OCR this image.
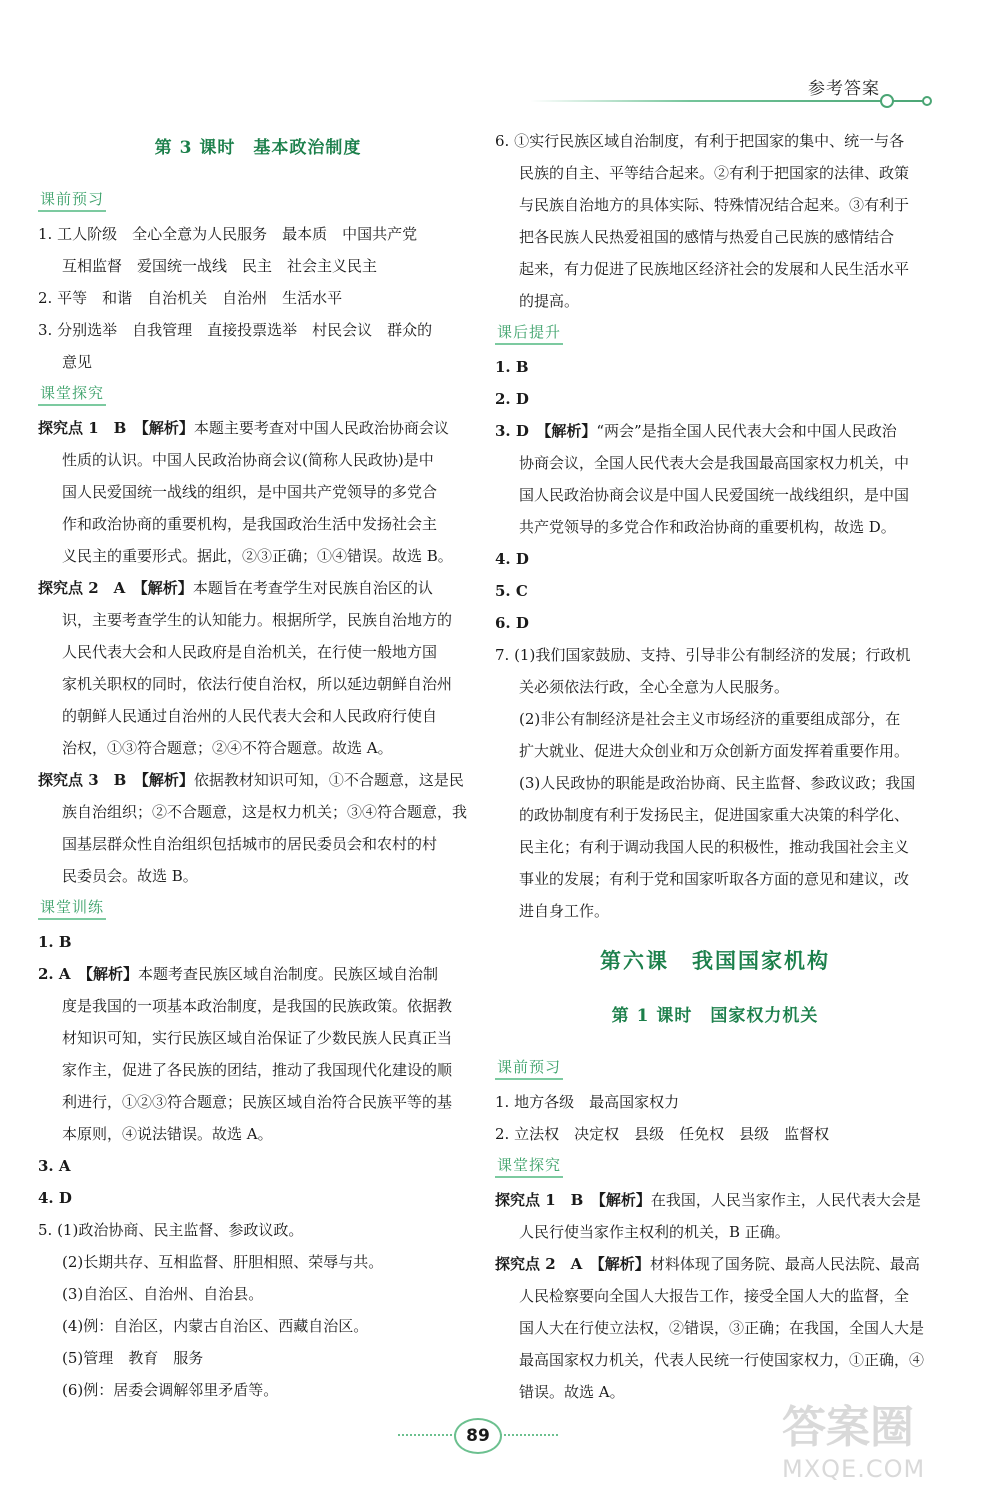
参考答案
第 3 课时　基本政治制度
课前预习

1. 工人阶级　全心全意为人民服务　最本质　中国共产党

互相监督　爱国统一战线　民主　社会主义民主

2. 平等　和谐　自治机关　自治州　生活水平

3. 分别选举　自我管理　直接投票选举　村民会议　群众的

意见

课堂探究

探究点 1　B　【解析】本题主要考查对中国人民政治协商会议

性质的认识。中国人民政治协商会议(简称人民政协)是中

国人民爱国统一战线的组织，是中国共产党领导的多党合

作和政治协商的重要机构，是我国政治生活中发扬社会主

义民主的重要形式。据此，②③正确；①④错误。故选 B。

探究点 2　A　【解析】本题旨在考查学生对民族自治区的认

识，主要考查学生的认知能力。根据所学，民族自治地方的

人民代表大会和人民政府是自治机关，在行使一般地方国

家机关职权的同时，依法行使自治权，所以延边朝鲜自治州

的朝鲜人民通过自治州的人民代表大会和人民政府行使自

治权，①③符合题意；②④不符合题意。故选 A。

探究点 3　B　【解析】依据教材知识可知，①不合题意，这是民

族自治组织；②不合题意，这是权力机关；③④符合题意，我

国基层群众性自治组织包括城市的居民委员会和农村的村

民委员会。故选 B。

课堂训练

1. B

2. A　【解析】本题考查民族区域自治制度。民族区域自治制

度是我国的一项基本政治制度，是我国的民族政策。依据教

材知识可知，实行民族区域自治保证了少数民族人民真正当

家作主，促进了各民族的团结，推动了我国现代化建设的顺

利进行，①②③符合题意；民族区域自治符合民族平等的基

本原则，④说法错误。故选 A。

3. A

4. D

5. (1)政治协商、民主监督、参政议政。

(2)长期共存、互相监督、肝胆相照、荣辱与共。

(3)自治区、自治州、自治县。

(4)例：自治区，内蒙古自治区、西藏自治区。

(5)管理　教育　服务

(6)例：居委会调解邻里矛盾等。

6. ①实行民族区域自治制度，有利于把国家的集中、统一与各

民族的自主、平等结合起来。②有利于把国家的法律、政策

与民族自治地方的具体实际、特殊情况结合起来。③有利于

把各民族人民热爱祖国的感情与热爱自己民族的感情结合

起来，有力促进了民族地区经济社会的发展和人民生活水平

的提高。

课后提升

1. B

2. D

3. D　【解析】“两会”是指全国人民代表大会和中国人民政治

协商会议，全国人民代表大会是我国最高国家权力机关，中

国人民政治协商会议是中国人民爱国统一战线组织，是中国

共产党领导的多党合作和政治协商的重要机构，故选 D。

4. D

5. C

6. D

7. (1)我们国家鼓励、支持、引导非公有制经济的发展；行政机

关必须依法行政，全心全意为人民服务。

(2)非公有制经济是社会主义市场经济的重要组成部分，在

扩大就业、促进大众创业和万众创新方面发挥着重要作用。

(3)人民政协的职能是政治协商、民主监督、参政议政；我国

的政协制度有利于发扬民主，促进国家重大决策的科学化、

民主化；有利于调动我国人民的积极性，推动我国社会主义

事业的发展；有利于党和国家听取各方面的意见和建议，改

进自身工作。

第六课　我国国家机构
第 1 课时　国家权力机关
课前预习

1. 地方各级　最高国家权力

2. 立法权　决定权　县级　任免权　县级　监督权

课堂探究

探究点 1　B　【解析】在我国，人民当家作主，人民代表大会是

人民行使当家作主权利的机关，B 正确。

探究点 2　A　【解析】材料体现了国务院、最高人民法院、最高

人民检察要向全国人大报告工作，接受全国人大的监督，全

国人大在行使立法权，②错误，③正确；在我国，全国人大是

最高国家权力机关，代表人民统一行使国家权力，①正确，④

错误。故选 A。

89	答案圈
MXQE.COM
